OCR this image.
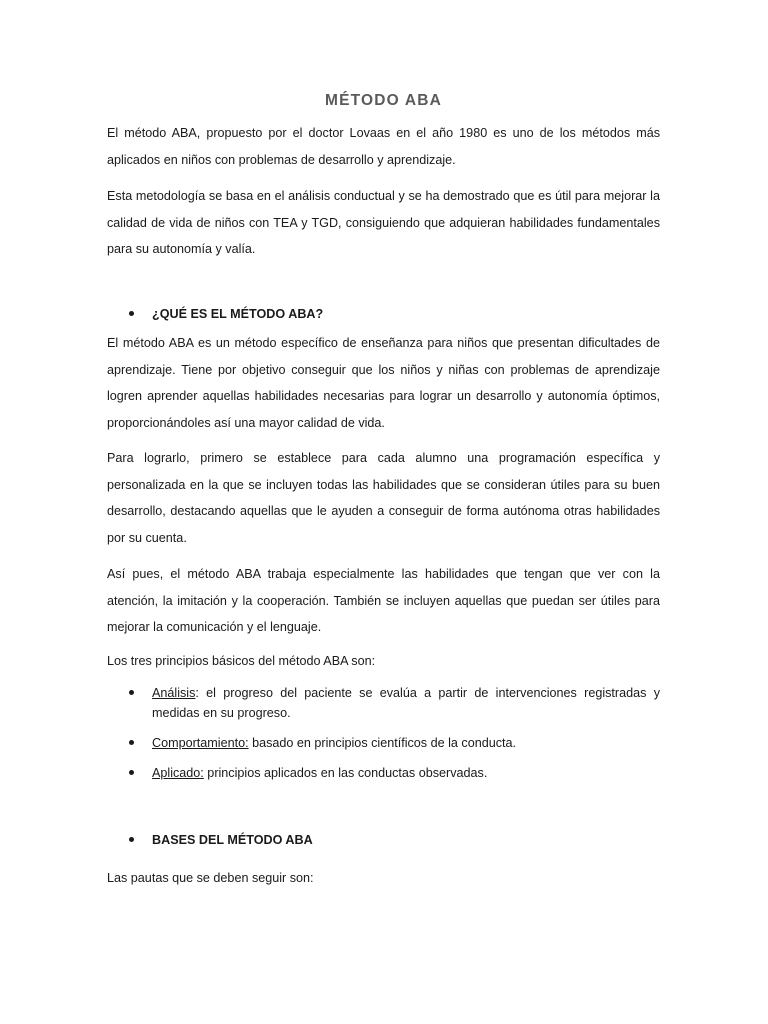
MÉTODO ABA

El método ABA, propuesto por el doctor Lovaas en el año 1980 es uno de los métodos más aplicados en niños con problemas de desarrollo y aprendizaje.

Esta metodología se basa en el análisis conductual y se ha demostrado que es útil para mejorar la calidad de vida de niños con TEA y TGD, consiguiendo que adquieran habilidades fundamentales para su autonomía y valía.

¿QUÉ ES EL MÉTODO ABA?

El método ABA es un método específico de enseñanza para niños que presentan dificultades de aprendizaje. Tiene por objetivo conseguir que los niños y niñas con problemas de aprendizaje logren aprender aquellas habilidades necesarias para lograr un desarrollo y autonomía óptimos, proporcionándoles así una mayor calidad de vida.

Para lograrlo, primero se establece para cada alumno una programación específica y personalizada en la que se incluyen todas las habilidades que se consideran útiles para su buen desarrollo, destacando aquellas que le ayuden a conseguir de forma autónoma otras habilidades por su cuenta.

Así pues, el método ABA trabaja especialmente las habilidades que tengan que ver con la atención, la imitación y la cooperación. También se incluyen aquellas que puedan ser útiles para mejorar la comunicación y el lenguaje.

Los tres principios básicos del método ABA son:

Análisis: el progreso del paciente se evalúa a partir de intervenciones registradas y medidas en su progreso.
Comportamiento: basado en principios científicos de la conducta.
Aplicado: principios aplicados en las conductas observadas.
BASES DEL MÉTODO ABA

Las pautas que se deben seguir son:
